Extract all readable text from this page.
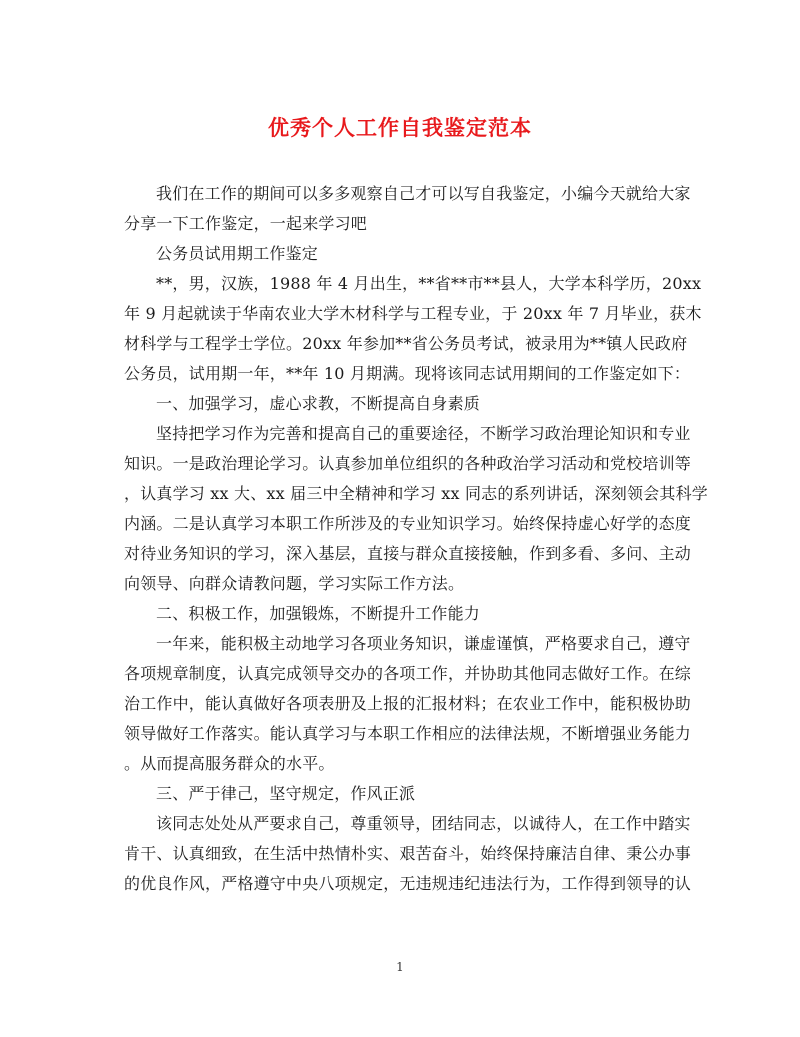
优秀个人工作自我鉴定范本
我们在工作的期间可以多多观察自己才可以写自我鉴定，小编今天就给大家
分享一下工作鉴定，一起来学习吧
公务员试用期工作鉴定
**，男，汉族，1988 年 4 月出生，**省**市**县人，大学本科学历，20xx
年 9 月起就读于华南农业大学木材科学与工程专业，于 20xx 年 7 月毕业，获木
材科学与工程学士学位。20xx 年参加**省公务员考试，被录用为**镇人民政府
公务员，试用期一年，**年 10 月期满。现将该同志试用期间的工作鉴定如下：
一、加强学习，虚心求教，不断提高自身素质
坚持把学习作为完善和提高自己的重要途径，不断学习政治理论知识和专业
知识。一是政治理论学习。认真参加单位组织的各种政治学习活动和党校培训等
，认真学习 xx 大、xx 届三中全精神和学习 xx 同志的系列讲话，深刻领会其科学
内涵。二是认真学习本职工作所涉及的专业知识学习。始终保持虚心好学的态度
对待业务知识的学习，深入基层，直接与群众直接接触，作到多看、多问、主动
向领导、向群众请教问题，学习实际工作方法。
二、积极工作，加强锻炼，不断提升工作能力
一年来，能积极主动地学习各项业务知识，谦虚谨慎，严格要求自己，遵守
各项规章制度，认真完成领导交办的各项工作，并协助其他同志做好工作。在综
治工作中，能认真做好各项表册及上报的汇报材料；在农业工作中，能积极协助
领导做好工作落实。能认真学习与本职工作相应的法律法规，不断增强业务能力
。从而提高服务群众的水平。
三、严于律己，坚守规定，作风正派
该同志处处从严要求自己，尊重领导，团结同志，以诚待人，在工作中踏实
肯干、认真细致，在生活中热情朴实、艰苦奋斗，始终保持廉洁自律、秉公办事
的优良作风，严格遵守中央八项规定，无违规违纪违法行为，工作得到领导的认
1
